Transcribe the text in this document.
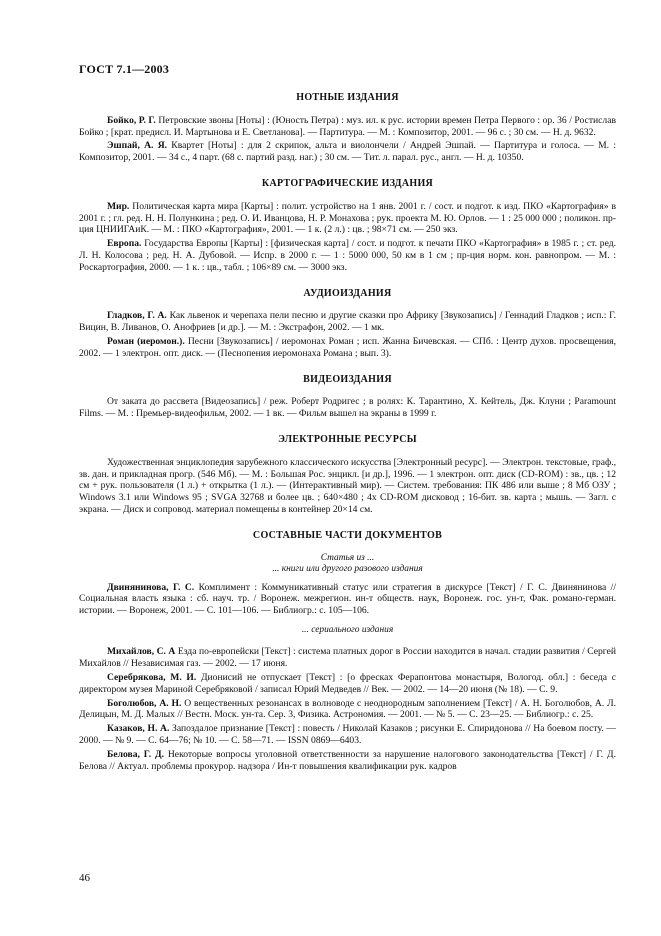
ГОСТ 7.1—2003
НОТНЫЕ ИЗДАНИЯ

Бойко, Р. Г. Петровские звоны [Ноты] : (Юность Петра) : муз. ил. к рус. истории времен Петра Первого : ор. 36 / Ростислав Бойко ; [крат. предисл. И. Мартынова и Е. Светланова]. — Партитура. — М. : Композитор, 2001. — 96 с. ; 30 см. — Н. д. 9632.

Эшпай, А. Я. Квартет [Ноты] : для 2 скрипок, альта и виолончели / Андрей Эшпай. — Партитура и голоса. — М. : Композитор, 2001. — 34 с., 4 парт. (68 с. партий разд. наг.) ; 30 см. — Тит. л. парал. рус., англ. — Н. д. 10350.

КАРТОГРАФИЧЕСКИЕ ИЗДАНИЯ

Мир. Политическая карта мира [Карты] : полит. устройство на 1 янв. 2001 г. / сост. и подгот. к изд. ПКО «Картография» в 2001 г. ; гл. ред. Н. Н. Полункина ; ред. О. И. Иванцова, Н. Р. Монахова ; рук. проекта М. Ю. Орлов. — 1 : 25 000 000 ; поликон. пр-ция ЦНИИГАиК. — М. : ПКО «Картография», 2001. — 1 к. (2 л.) : цв. ; 98×71 см. — 250 экз.

Европа. Государства Европы [Карты] : [физическая карта] / сост. и подгот. к печати ПКО «Картография» в 1985 г. ; ст. ред. Л. Н. Колосова ; ред. Н. А. Дубовой. — Испр. в 2000 г. — 1 : 5000 000, 50 км в 1 см ; пр-ция норм. кон. равнопром. — М. : Роскартография, 2000. — 1 к. : цв., табл. ; 106×89 см. — 3000 экз.

АУДИОИЗДАНИЯ

Гладков, Г. А. Как львенок и черепаха пели песню и другие сказки про Африку [Звукозапись] / Геннадий Гладков ; исп.: Г. Вицин, В. Ливанов, О. Анофриев [и др.]. — М. : Экстрафон, 2002. — 1 мк.

Роман (иеромон.). Песни [Звукозапись] / иеромонах Роман ; исп. Жанна Бичевская. — СПб. : Центр духов. просвещения, 2002. — 1 электрон. опт. диск. — (Песнопения иеромонаха Романа ; вып. 3).

ВИДЕОИЗДАНИЯ

От заката до рассвета [Видеозапись] / реж. Роберт Родригес ; в ролях: К. Тарантино, Х. Кейтель, Дж. Клуни ; Paramount Films. — М. : Премьер-видеофильм, 2002. — 1 вк. — Фильм вышел на экраны в 1999 г.

ЭЛЕКТРОННЫЕ РЕСУРСЫ

Художественная энциклопедия зарубежного классического искусства [Электронный ресурс]. — Электрон. текстовые, граф., зв. дан. и прикладная прогр. (546 Мб). — М. : Большая Рос. энцикл. [и др.], 1996. — 1 электрон. опт. диск (CD-ROM) : зв., цв. ; 12 см + рук. пользователя (1 л.) + открытка (1 л.). — (Интерактивный мир). — Систем. требования: ПК 486 или выше ; 8 Мб ОЗУ ; Windows 3.1 или Windows 95 ; SVGA 32768 и более цв. ; 640×480 ; 4х CD-ROM дисковод ; 16-бит. зв. карта ; мышь. — Загл. с экрана. — Диск и сопровод. материал помещены в контейнер 20×14 см.

СОСТАВНЫЕ ЧАСТИ ДОКУМЕНТОВ
Статья из ...
... книги или другого разового издания

Двинянинова, Г. С. Комплимент : Коммуникативный статус или стратегия в дискурсе [Текст] / Г. С. Двинянинова // Социальная власть языка : сб. науч. тр. / Воронеж. межрегион. ин-т обществ. наук, Воронеж. гос. ун-т, Фак. романо-герман. истории. — Воронеж, 2001. — С. 101—106. — Библиогр.: с. 105—106.

... сериального издания

Михайлов, С. А Езда по-европейски [Текст] : система платных дорог в России находится в начал. стадии развития / Сергей Михайлов // Независимая газ. — 2002. — 17 июня.

Серебрякова, М. И. Дионисий не отпускает [Текст] : [о фресках Ферапонтова монастыря, Вологод. обл.] : беседа с директором музея Мариной Серебряковой / записал Юрий Медведев // Век. — 2002. — 14—20 июня (№ 18). — С. 9.

Боголюбов, А. Н. О вещественных резонансах в волноводе с неоднородным заполнением [Текст] / А. Н. Боголюбов, А. Л. Делицын, М. Д. Малых // Вестн. Моск. ун-та. Сер. 3, Физика. Астрономия. — 2001. — № 5. — С. 23—25. — Библиогр.: с. 25.

Казаков, Н. А. Запоздалое признание [Текст] : повесть / Николай Казаков ; рисунки Е. Спиридонова // На боевом посту. — 2000. — № 9. — С. 64—76; № 10. — С. 58—71. — ISSN 0869—6403.

Белова, Г. Д. Некоторые вопросы уголовной ответственности за нарушение налогового законодательства [Текст] / Г. Д. Белова // Актуал. проблемы прокурор. надзора / Ин-т повышения квалификации рук. кадров

46
